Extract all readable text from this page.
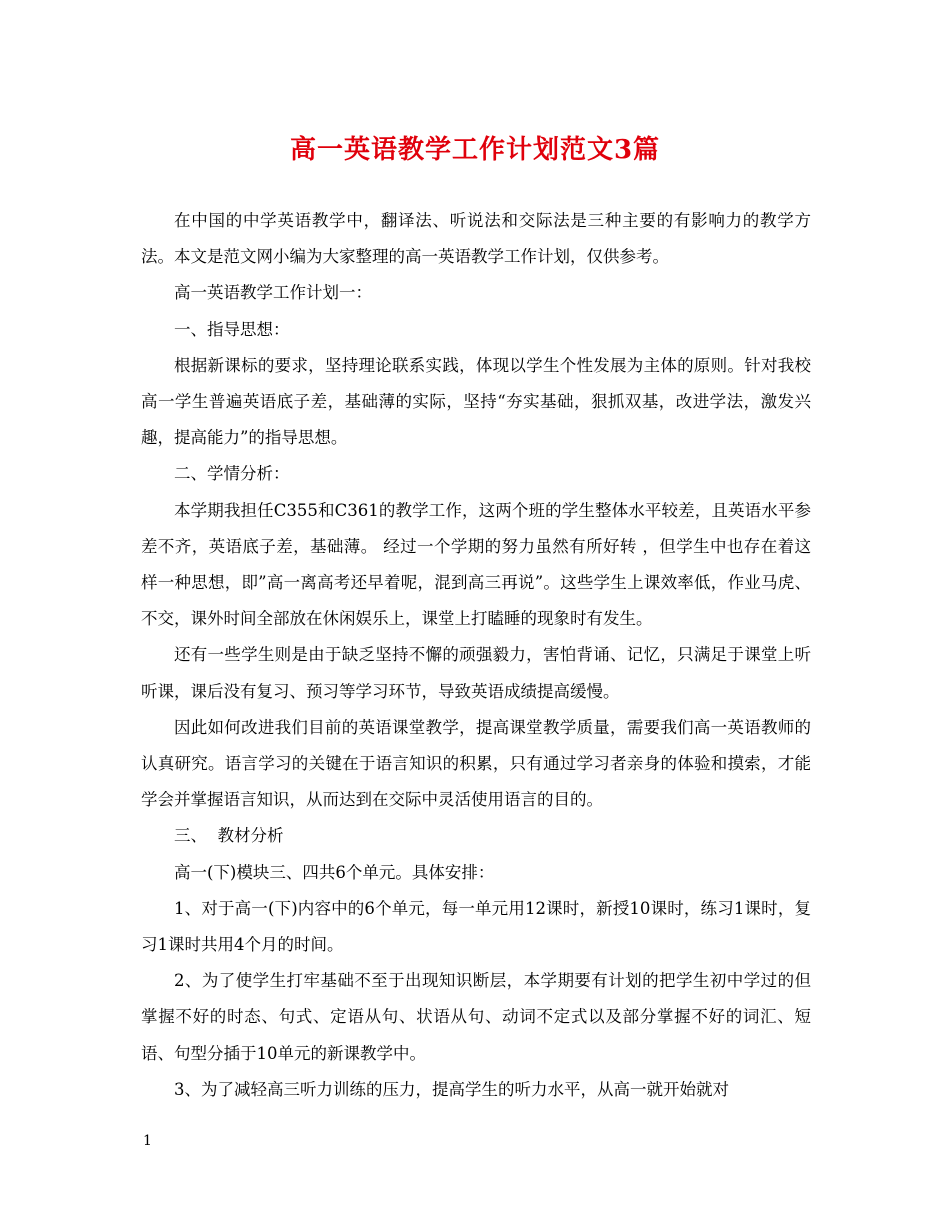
高一英语教学工作计划范文3篇

在中国的中学英语教学中，翻译法、听说法和交际法是三种主要的有影响力的教学方法。本文是范文网小编为大家整理的高一英语教学工作计划，仅供参考。

高一英语教学工作计划一：

一、指导思想：

根据新课标的要求，坚持理论联系实践，体现以学生个性发展为主体的原则。针对我校高一学生普遍英语底子差，基础薄的实际，坚持“夯实基础，狠抓双基，改进学法，激发兴趣，提高能力”的指导思想。

二、学情分析：

本学期我担任C355和C361的教学工作，这两个班的学生整体水平较差，且英语水平参差不齐，英语底子差，基础薄。 经过一个学期的努力虽然有所好转 ，但学生中也存在着这样一种思想，即”高一离高考还早着呢，混到高三再说”。这些学生上课效率低，作业马虎、不交，课外时间全部放在休闲娱乐上，课堂上打瞌睡的现象时有发生。

还有一些学生则是由于缺乏坚持不懈的顽强毅力，害怕背诵、记忆，只满足于课堂上听听课，课后没有复习、预习等学习环节，导致英语成绩提高缓慢。

因此如何改进我们目前的英语课堂教学，提高课堂教学质量，需要我们高一英语教师的认真研究。语言学习的关键在于语言知识的积累，只有通过学习者亲身的体验和摸索，才能学会并掌握语言知识，从而达到在交际中灵活使用语言的目的。

三、  教材分析

高一(下)模块三、四共6个单元。具体安排：

1、对于高一(下)内容中的6个单元，每一单元用12课时，新授10课时，练习1课时，复习1课时共用4个月的时间。

2、为了使学生打牢基础不至于出现知识断层，本学期要有计划的把学生初中学过的但掌握不好的时态、句式、定语从句、状语从句、动词不定式以及部分掌握不好的词汇、短语、句型分插于10单元的新课教学中。

3、为了减轻高三听力训练的压力，提高学生的听力水平，从高一就开始就对

1
